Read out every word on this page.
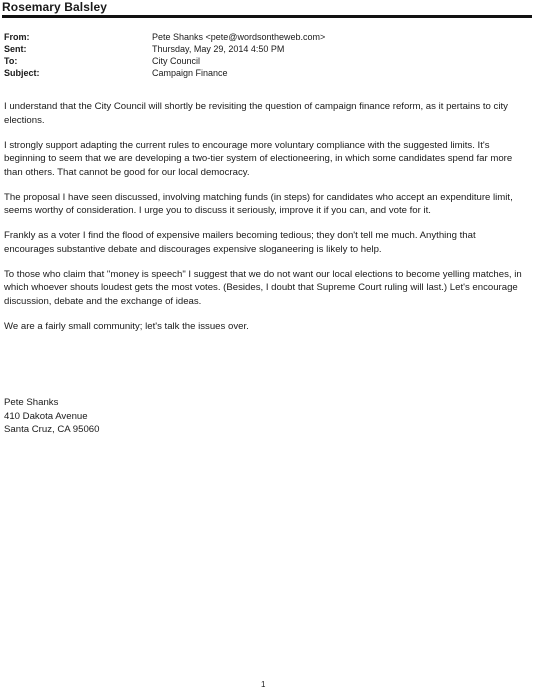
Rosemary Balsley
From:	Pete Shanks <pete@wordsontheweb.com>
Sent:	Thursday, May 29, 2014 4:50 PM
To:	City Council
Subject:	Campaign Finance

I understand that the City Council will shortly be revisiting the question of campaign finance reform, as it pertains to city elections.

I strongly support adapting the current rules to encourage more voluntary compliance with the suggested limits. It's beginning to seem that we are developing a two-tier system of electioneering, in which some candidates spend far more than others. That cannot be good for our local democracy.

The proposal I have seen discussed, involving matching funds (in steps) for candidates who accept an expenditure limit, seems worthy of consideration. I urge you to discuss it seriously, improve it if you can, and vote for it.

Frankly as a voter I find the flood of expensive mailers becoming tedious; they don't tell me much. Anything that encourages substantive debate and discourages expensive sloganeering is likely to help.

To those who claim that "money is speech" I suggest that we do not want our local elections to become yelling matches, in which whoever shouts loudest gets the most votes. (Besides, I doubt that Supreme Court ruling will last.) Let's encourage discussion, debate and the exchange of ideas.

We are a fairly small community; let's talk the issues over.

Pete Shanks
410 Dakota Avenue
Santa Cruz, CA 95060
1
